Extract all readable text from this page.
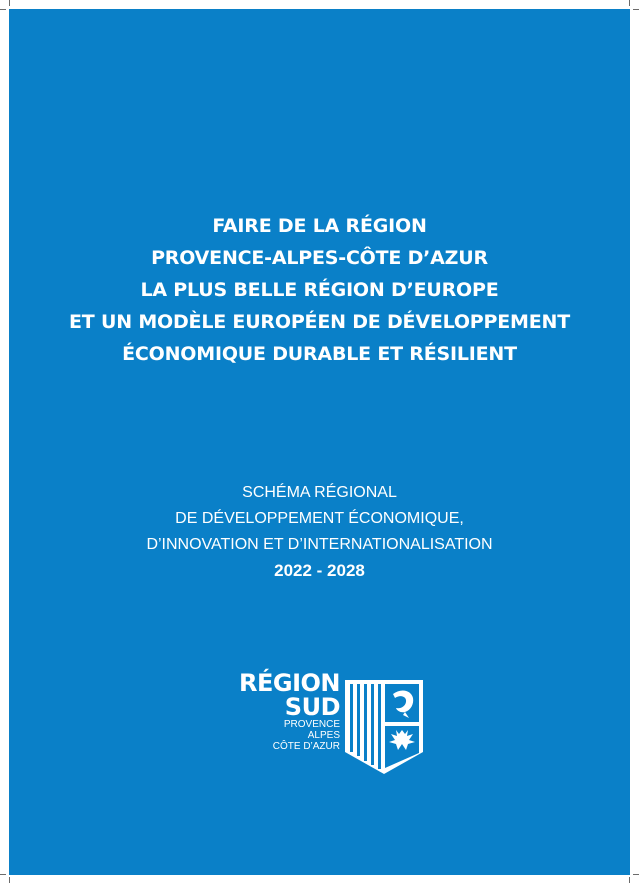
FAIRE DE LA RÉGION
PROVENCE-ALPES-CÔTE D’AZUR
LA PLUS BELLE RÉGION D’EUROPE
ET UN MODÈLE EUROPÉEN DE DÉVELOPPEMENT
ÉCONOMIQUE DURABLE ET RÉSILIENT
SCHÉMA RÉGIONAL
DE DÉVELOPPEMENT ÉCONOMIQUE,
D’INNOVATION ET D’INTERNATIONALISATION
2022 - 2028
RÉGION
SUD
PROVENCE
ALPES
CÔTE D’AZUR
